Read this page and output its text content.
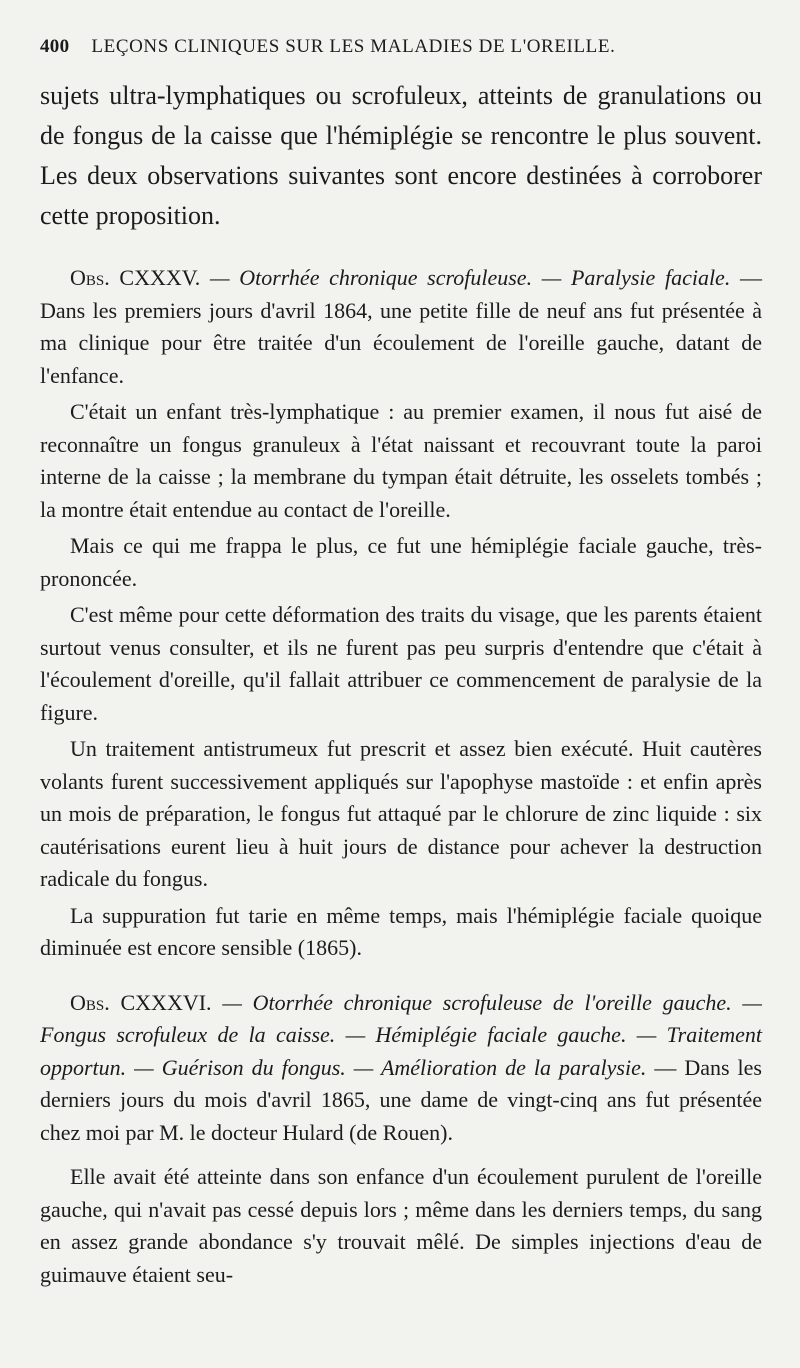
400 LEÇONS CLINIQUES SUR LES MALADIES DE L'OREILLE.

sujets ultra-lymphatiques ou scrofuleux, atteints de granulations ou de fongus de la caisse que l'hémiplégie se rencontre le plus souvent. Les deux observations suivantes sont encore destinées à corroborer cette proposition.

Obs. CXXXV. — Otorrhée chronique scrofuleuse. — Paralysie faciale. — Dans les premiers jours d'avril 1864, une petite fille de neuf ans fut présentée à ma clinique pour être traitée d'un écoulement de l'oreille gauche, datant de l'enfance.

C'était un enfant très-lymphatique : au premier examen, il nous fut aisé de reconnaître un fongus granuleux à l'état naissant et recouvrant toute la paroi interne de la caisse ; la membrane du tympan était détruite, les osselets tombés ; la montre était entendue au contact de l'oreille.

Mais ce qui me frappa le plus, ce fut une hémiplégie faciale gauche, très-prononcée.

C'est même pour cette déformation des traits du visage, que les parents étaient surtout venus consulter, et ils ne furent pas peu surpris d'entendre que c'était à l'écoulement d'oreille, qu'il fallait attribuer ce commencement de paralysie de la figure.

Un traitement antistrumeux fut prescrit et assez bien exécuté. Huit cautères volants furent successivement appliqués sur l'apophyse mastoïde : et enfin après un mois de préparation, le fongus fut attaqué par le chlorure de zinc liquide : six cautérisations eurent lieu à huit jours de distance pour achever la destruction radicale du fongus.

La suppuration fut tarie en même temps, mais l'hémiplégie faciale quoique diminuée est encore sensible (1865).

Obs. CXXXVI. — Otorrhée chronique scrofuleuse de l'oreille gauche. — Fongus scrofuleux de la caisse. — Hémiplégie faciale gauche. — Traitement opportun. — Guérison du fongus. — Amélioration de la paralysie. — Dans les derniers jours du mois d'avril 1865, une dame de vingt-cinq ans fut présentée chez moi par M. le docteur Hulard (de Rouen).

Elle avait été atteinte dans son enfance d'un écoulement purulent de l'oreille gauche, qui n'avait pas cessé depuis lors ; même dans les derniers temps, du sang en assez grande abondance s'y trouvait mêlé. De simples injections d'eau de guimauve étaient seu-
